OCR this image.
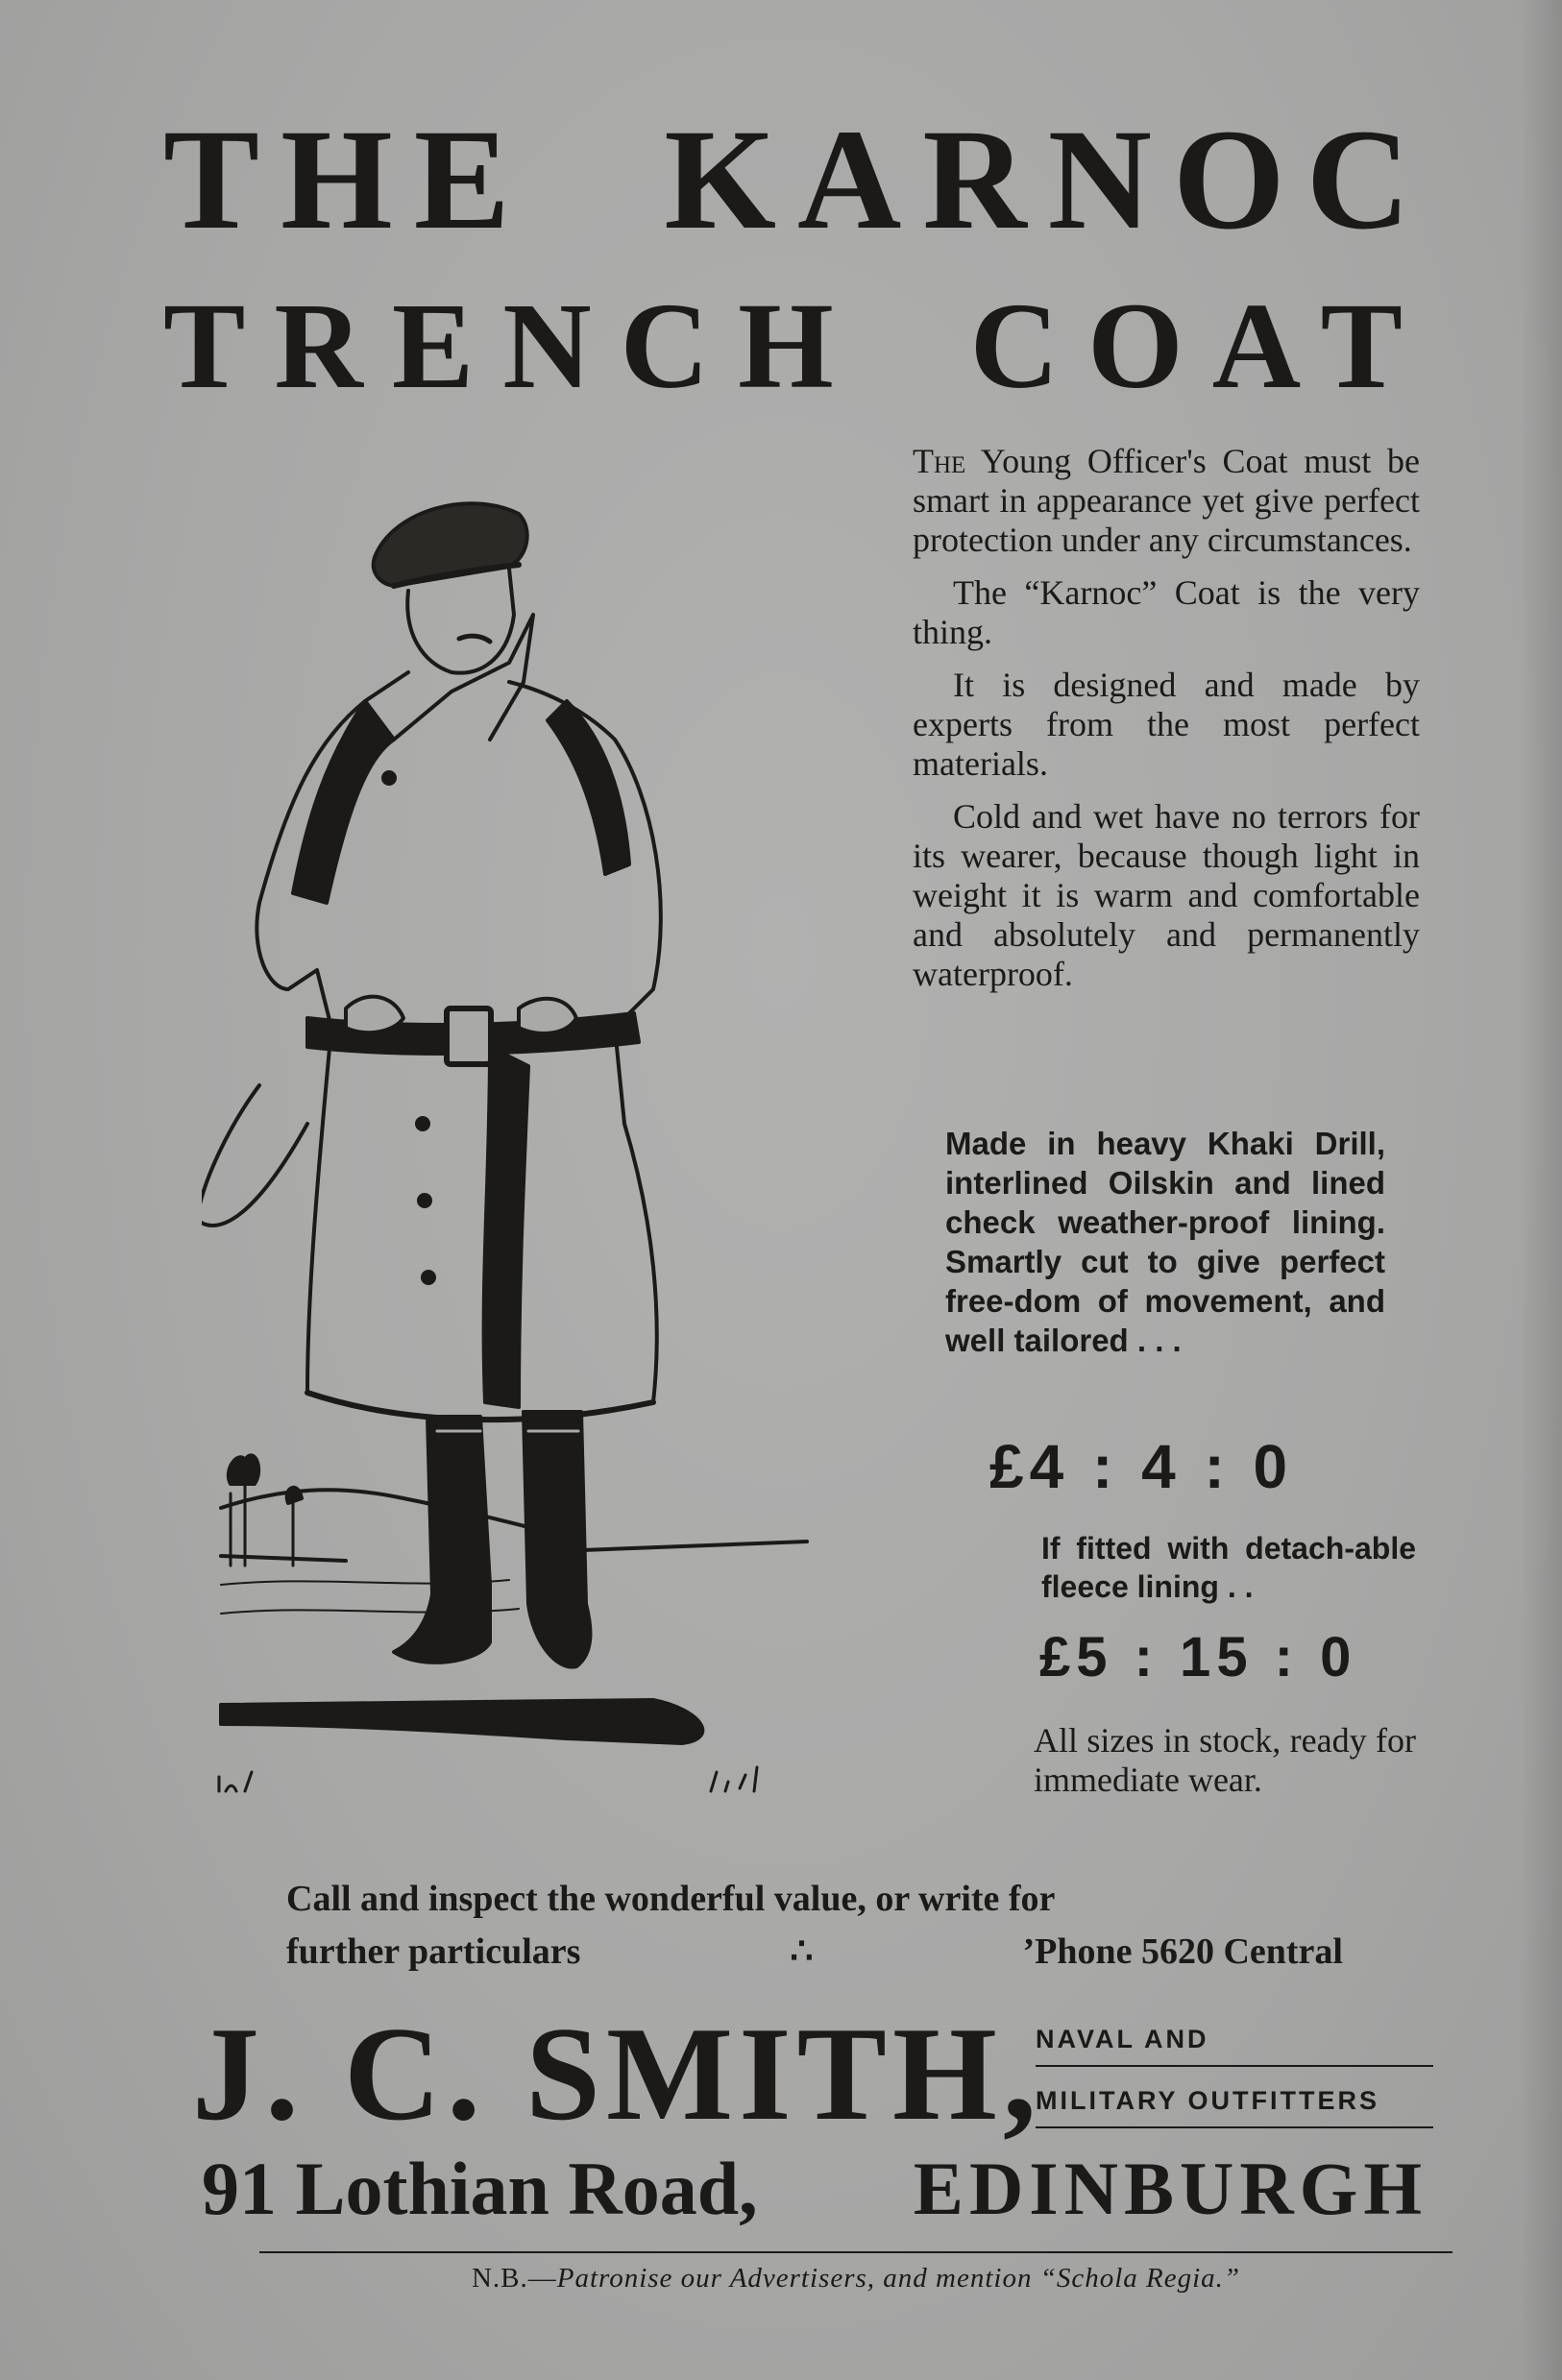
THE KARNOC
TRENCH COAT

The Young Officer's Coat must be smart in appearance yet give perfect protection under any circumstances.

The “Karnoc” Coat is the very thing.

It is designed and made by experts from the most perfect materials.

Cold and wet have no terrors for its wearer, because though light in weight it is warm and comfortable and absolutely and permanently waterproof.

Made in heavy Khaki Drill, interlined Oilskin and lined check weather-proof lining. Smartly cut to give perfect free-dom of movement, and well tailored . . .
£4 : 4 : 0
If fitted with detach-able fleece lining . .
£5 : 15 : 0
All sizes in stock, ready for immediate wear.
Call and inspect the wonderful value, or write for
further particulars	∴	’Phone 5620 Central
J. C. SMITH,
NAVAL AND
MILITARY OUTFITTERS
91 Lothian Road, EDINBURGH
N.B.—Patronise our Advertisers, and mention “Schola Regia.”
